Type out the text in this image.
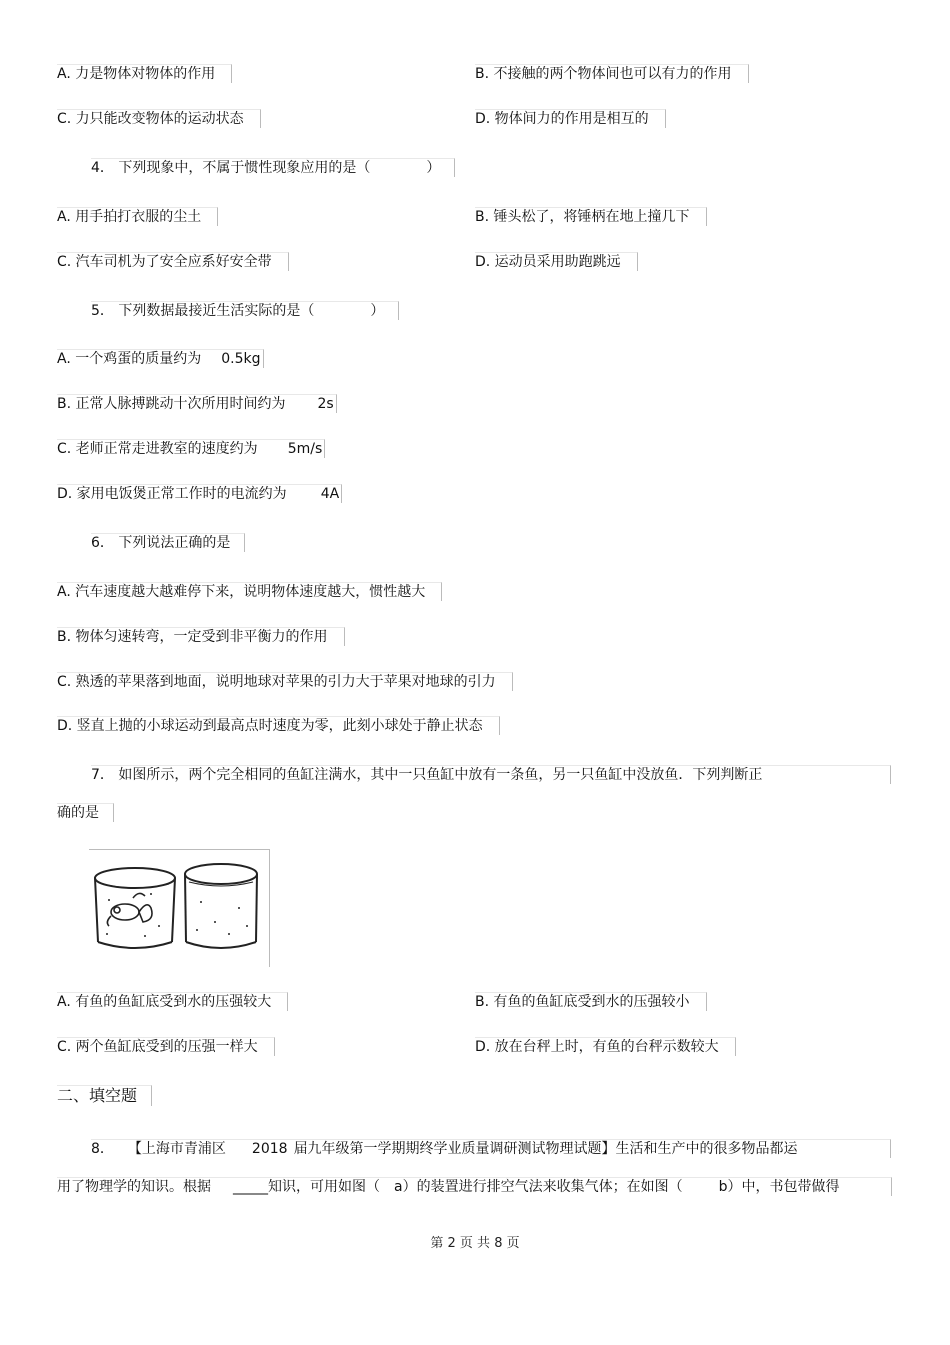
A. 力是物体对物体的作用	B. 不接触的两个物体间也可以有力的作用
C. 力只能改变物体的运动状态	D. 物体间力的作用是相互的
4． 下列现象中，不属于惯性现象应用的是（　　　　）
A. 用手拍打衣服的尘土	B. 锤头松了，将锤柄在地上撞几下
C. 汽车司机为了安全应系好安全带	D. 运动员采用助跑跳远
5． 下列数据最接近生活实际的是（　　　　）
A. 一个鸡蛋的质量约为 0.5kg
B. 正常人脉搏跳动十次所用时间约为 2s
C. 老师正常走进教室的速度约为 5m/s
D. 家用电饭煲正常工作时的电流约为 4A
6． 下列说法正确的是
A. 汽车速度越大越难停下来，说明物体速度越大，惯性越大
B. 物体匀速转弯，一定受到非平衡力的作用
C. 熟透的苹果落到地面，说明地球对苹果的引力大于苹果对地球的引力
D. 竖直上抛的小球运动到最高点时速度为零，此刻小球处于静止状态
7． 如图所示，两个完全相同的鱼缸注满水，其中一只鱼缸中放有一条鱼，另一只鱼缸中没放鱼．下列判断正
确的是
A. 有鱼的鱼缸底受到水的压强较大	B. 有鱼的鱼缸底受到水的压强较小
C. 两个鱼缸底受到的压强一样大	D. 放在台秤上时，有鱼的台秤示数较大
二、填空题
8． 【上海市青浦区 2018 届九年级第一学期期终学业质量调研测试物理试题】生活和生产中的很多物品都运
用了物理学的知识。根据 _____知识，可用如图（ a）的装置进行排空气法来收集气体；在如图（	b）中，书包带做得
第 2 页 共 8 页
